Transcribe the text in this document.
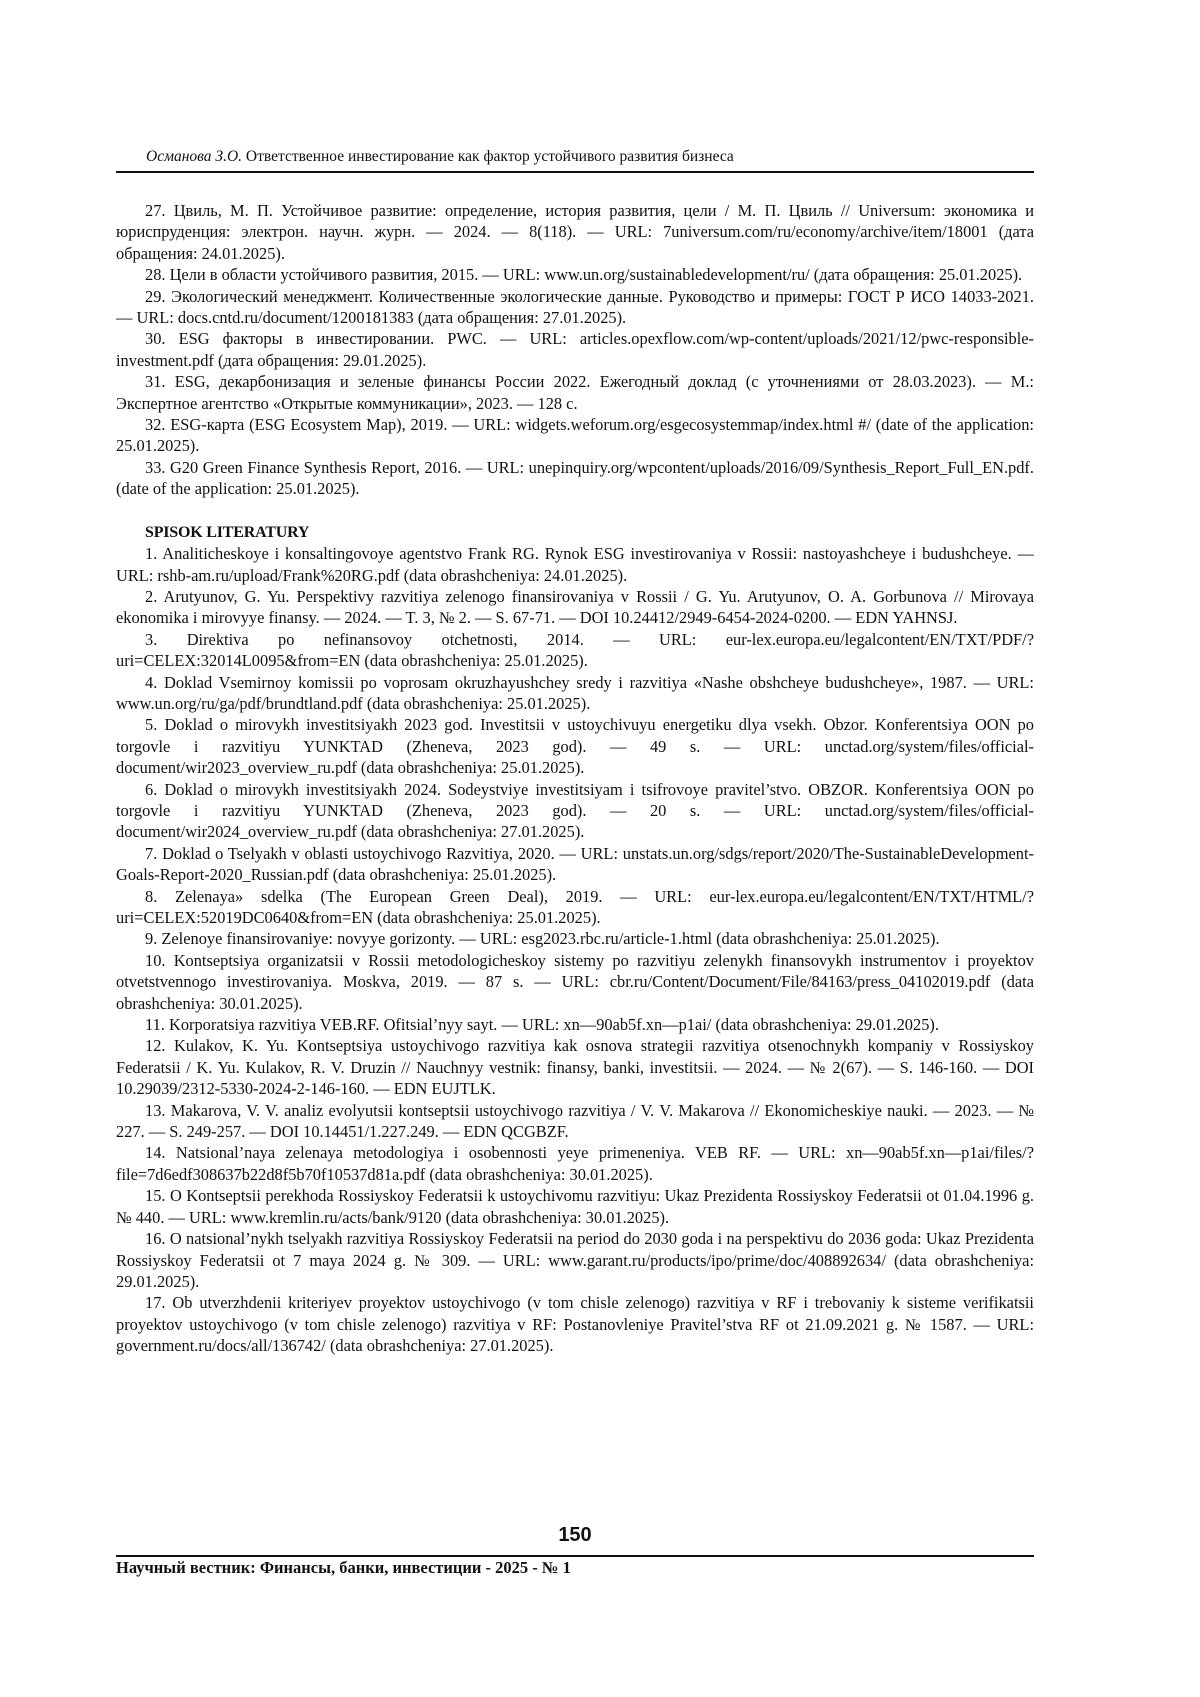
Османова З.О. Ответственное инвестирование как фактор устойчивого развития бизнеса

27. Цвиль, М. П. Устойчивое развитие: определение, история развития, цели / М. П. Цвиль // Universum: экономика и юриспруденция: электрон. научн. журн. — 2024. — 8(118). — URL: 7universum.com/ru/economy/archive/item/18001 (дата обращения: 24.01.2025).

28. Цели в области устойчивого развития, 2015. — URL: www.un.org/sustainabledevelopment/ru/ (дата обращения: 25.01.2025).

29. Экологический менеджмент. Количественные экологические данные. Руководство и примеры: ГОСТ Р ИСО 14033-2021. — URL: docs.cntd.ru/document/1200181383 (дата обращения: 27.01.2025).

30. ESG факторы в инвестировании. PWC. — URL: articles.opexflow.com/wp-content/uploads/2021/12/pwc-responsible-investment.pdf (дата обращения: 29.01.2025).

31. ESG, декарбонизация и зеленые финансы России 2022. Ежегодный доклад (с уточнениями от 28.03.2023). — М.: Экспертное агентство «Открытые коммуникации», 2023. — 128 с.

32. ESG-карта (ESG Ecosystem Map), 2019. — URL: widgets.weforum.org/esgecosystemmap/index.html #/ (date of the application: 25.01.2025).

33. G20 Green Finance Synthesis Report, 2016. — URL: unepinquiry.org/wpcontent/uploads/2016/09/Synthesis_Report_Full_EN.pdf. (date of the application: 25.01.2025).

SPISOK LITERATURY

1. Analiticheskoye i konsaltingovoye agentstvo Frank RG. Rynok ESG investirovaniya v Rossii: nastoyashcheye i budushcheye. — URL: rshb-am.ru/upload/Frank%20RG.pdf (data obrashcheniya: 24.01.2025).

2. Arutyunov, G. Yu. Perspektivy razvitiya zelenogo finansirovaniya v Rossii / G. Yu. Arutyunov, O. A. Gorbunova // Mirovaya ekonomika i mirovyye finansy. — 2024. — T. 3, № 2. — S. 67-71. — DOI 10.24412/2949-6454-2024-0200. — EDN YAHNSJ.

3. Direktiva po nefinansovoy otchetnosti, 2014. — URL: eur-lex.europa.eu/legalcontent/EN/TXT/PDF/?uri=CELEX:32014L0095&from=EN (data obrashcheniya: 25.01.2025).

4. Doklad Vsemirnoy komissii po voprosam okruzhayushchey sredy i razvitiya «Nashe obshcheye budushcheye», 1987. — URL: www.un.org/ru/ga/pdf/brundtland.pdf (data obrashcheniya: 25.01.2025).

5. Doklad o mirovykh investitsiyakh 2023 god. Investitsii v ustoychivuyu energetiku dlya vsekh. Obzor. Konferentsiya OON po torgovle i razvitiyu YUNKTAD (Zheneva, 2023 god). — 49 s. — URL: unctad.org/system/files/official-document/wir2023_overview_ru.pdf (data obrashcheniya: 25.01.2025).

6. Doklad o mirovykh investitsiyakh 2024. Sodeystviye investitsiyam i tsifrovoye pravitel’stvo. OBZOR. Konferentsiya OON po torgovle i razvitiyu YUNKTAD (Zheneva, 2023 god). — 20 s. — URL: unctad.org/system/files/official-document/wir2024_overview_ru.pdf (data obrashcheniya: 27.01.2025).

7. Doklad o Tselyakh v oblasti ustoychivogo Razvitiya, 2020. — URL: unstats.un.org/sdgs/report/2020/The-SustainableDevelopment-Goals-Report-2020_Russian.pdf (data obrashcheniya: 25.01.2025).

8. Zelenaya» sdelka (The European Green Deal), 2019. — URL: eur-lex.europa.eu/legalcontent/EN/TXT/HTML/?uri=CELEX:52019DC0640&from=EN (data obrashcheniya: 25.01.2025).

9. Zelenoye finansirovaniye: novyye gorizonty. — URL: esg2023.rbc.ru/article-1.html (data obrashcheniya: 25.01.2025).

10. Kontseptsiya organizatsii v Rossii metodologicheskoy sistemy po razvitiyu zelenykh finansovykh instrumentov i proyektov otvetstvennogo investirovaniya. Moskva, 2019. — 87 s. — URL: cbr.ru/Content/Document/File/84163/press_04102019.pdf (data obrashcheniya: 30.01.2025).

11. Korporatsiya razvitiya VEB.RF. Ofitsial’nyy sayt. — URL: xn—90ab5f.xn—p1ai/ (data obrashcheniya: 29.01.2025).

12. Kulakov, K. Yu. Kontseptsiya ustoychivogo razvitiya kak osnova strategii razvitiya otsenochnykh kompaniy v Rossiyskoy Federatsii / K. Yu. Kulakov, R. V. Druzin // Nauchnyy vestnik: finansy, banki, investitsii. — 2024. — № 2(67). — S. 146-160. — DOI 10.29039/2312-5330-2024-2-146-160. — EDN EUJTLK.

13. Makarova, V. V. analiz evolyutsii kontseptsii ustoychivogo razvitiya / V. V. Makarova // Ekonomicheskiye nauki. — 2023. — № 227. — S. 249-257. — DOI 10.14451/1.227.249. — EDN QCGBZF.

14. Natsional’naya zelenaya metodologiya i osobennosti yeye primeneniya. VEB RF. — URL: xn—90ab5f.xn—p1ai/files/?file=7d6edf308637b22d8f5b70f10537d81a.pdf (data obrashcheniya: 30.01.2025).

15. O Kontseptsii perekhoda Rossiyskoy Federatsii k ustoychivomu razvitiyu: Ukaz Prezidenta Rossiyskoy Federatsii ot 01.04.1996 g. № 440. — URL: www.kremlin.ru/acts/bank/9120 (data obrashcheniya: 30.01.2025).

16. O natsional’nykh tselyakh razvitiya Rossiyskoy Federatsii na period do 2030 goda i na perspektivu do 2036 goda: Ukaz Prezidenta Rossiyskoy Federatsii ot 7 maya 2024 g. № 309. — URL: www.garant.ru/products/ipo/prime/doc/408892634/ (data obrashcheniya: 29.01.2025).

17. Ob utverzhdenii kriteriyev proyektov ustoychivogo (v tom chisle zelenogo) razvitiya v RF i trebovaniy k sisteme verifikatsii proyektov ustoychivogo (v tom chisle zelenogo) razvitiya v RF: Postanovleniye Pravitel’stva RF ot 21.09.2021 g. № 1587. — URL: government.ru/docs/all/136742/ (data obrashcheniya: 27.01.2025).

150
Научный вестник: Финансы, банки, инвестиции - 2025 - № 1
